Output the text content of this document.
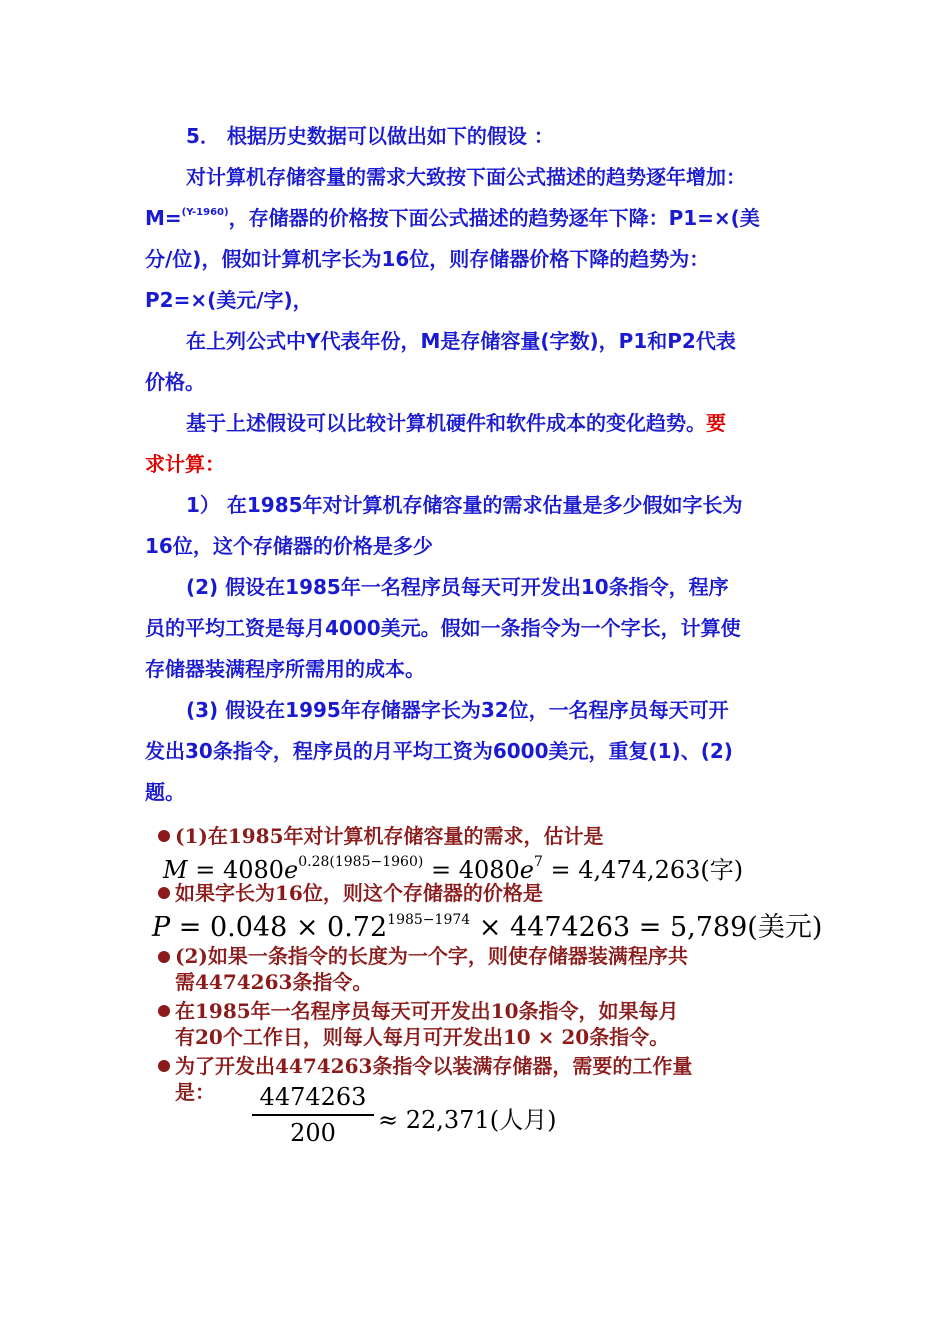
5． 根据历史数据可以做出如下的假设 ：
对计算机存储容量的需求大致按下面公式描述的趋势逐年增加：
M=$^{(Y-1960)}$，存储器的价格按下面公式描述的趋势逐年下降：P1=×(美
分/位)，假如计算机字长为16位，则存储器价格下降的趋势为：
P2=×(美元/字)，
在上列公式中Y代表年份，M是存储容量(字数)，P1和P2代表
价格。
基于上述假设可以比较计算机硬件和软件成本的变化趋势。要
求计算：
1） 在1985年对计算机存储容量的需求估量是多少假如字长为
16位，这个存储器的价格是多少
(2) 假设在1985年一名程序员每天可开发出10条指令，程序
员的平均工资是每月4000美元。假如一条指令为一个字长，计算使
存储器装满程序所需用的成本。
(3) 假设在1995年存储器字长为32位，一名程序员每天可开
发出30条指令，程序员的月平均工资为6000美元，重复(1)、(2)
题。
(1)在1985年对计算机存储容量的需求，估计是
$M = 4080e^{0.28(1985-1960)} = 4080e^7 = 4,474,263$(字)
如果字长为16位，则这个存储器的价格是
$P = 0.048 \times 0.72^{1985-1974} \times 4474263 = 5,789$(美元)
(2)如果一条指令的长度为一个字，则使存储器装满程序共
需4474263条指令。
在1985年一名程序员每天可开发出10条指令，如果每月
有20个工作日，则每人每月可开发出10 × 20条指令。
为了开发出4474263条指令以装满存储器，需要的工作量
是：	4474263
200	≈ 22,371(人月)
